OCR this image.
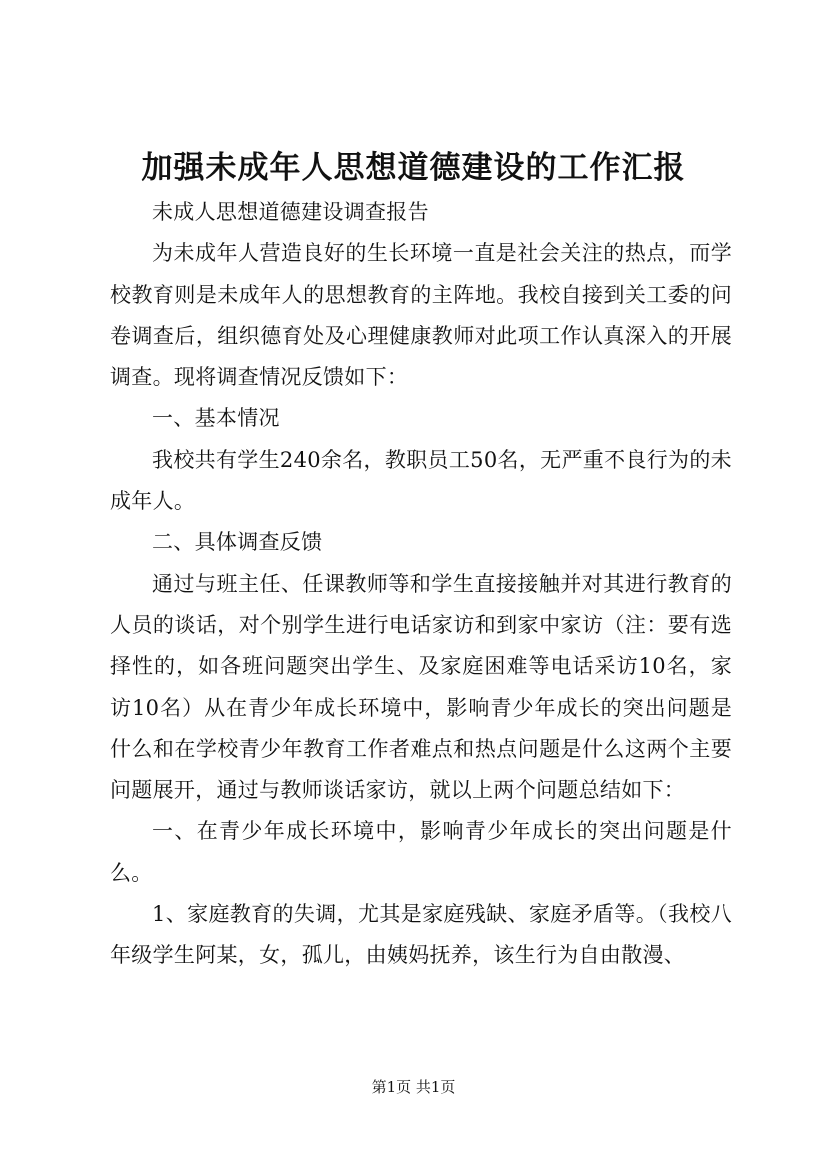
加强未成年人思想道德建设的工作汇报

未成人思想道德建设调查报告

为未成年人营造良好的生长环境一直是社会关注的热点，而学校教育则是未成年人的思想教育的主阵地。我校自接到关工委的问卷调查后，组织德育处及心理健康教师对此项工作认真深入的开展调查。现将调查情况反馈如下：

一、基本情况

我校共有学生240余名，教职员工50名，无严重不良行为的未成年人。

二、具体调查反馈

通过与班主任、任课教师等和学生直接接触并对其进行教育的人员的谈话，对个别学生进行电话家访和到家中家访（注：要有选择性的，如各班问题突出学生、及家庭困难等电话采访10名，家访10名）从在青少年成长环境中，影响青少年成长的突出问题是什么和在学校青少年教育工作者难点和热点问题是什么这两个主要问题展开，通过与教师谈话家访，就以上两个问题总结如下：

一、在青少年成长环境中，影响青少年成长的突出问题是什么。

1、家庭教育的失调，尤其是家庭残缺、家庭矛盾等。（我校八年级学生阿某，女，孤儿，由姨妈抚养，该生行为自由散漫、

第1页 共1页
